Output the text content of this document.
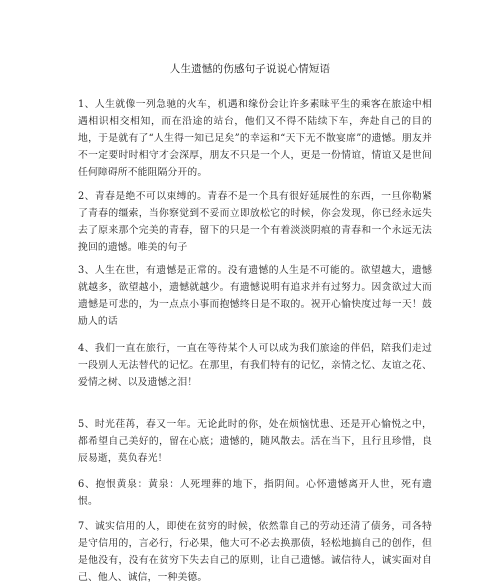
人生遗憾的伤感句子说说心情短语
1、人生就像一列急驰的火车，机遇和缘份会让许多素昧平生的乘客在旅途中相遇相识相交相知，而在沿途的站台，他们又不得不陆续下车，奔赴自己的目的地，于是就有了“人生得一知已足矣”的幸运和“天下无不散宴席”的遗憾。朋友并不一定要时时相守才会深厚，朋友不只是一个人，更是一份情谊，情谊又是世间任何障碍所不能阻隔分开的。
2、青春是绝不可以束缚的。青春不是一个具有很好延展性的东西，一旦你勒紧了青春的缰索，当你察觉到不妥而立即放松它的时候，你会发现，你已经永远失去了原来那个完美的青春，留下的只是一个有着淡淡阴痕的青春和一个永远无法挽回的遗憾。唯美的句子
3、人生在世，有遗憾是正常的。没有遗憾的人生是不可能的。欲望越大，遗憾就越多，欲望越小，遗憾就越少。有遗憾说明有追求并有过努力。因贪欲过大而遗憾是可悲的，为一点点小事而抱憾终日是不取的。祝开心愉快度过每一天！鼓励人的话
4、我们一直在旅行，一直在等待某个人可以成为我们旅途的伴侣，陪我们走过一段别人无法替代的记忆。在那里，有我们特有的记忆，亲情之忆、友谊之花、爱情之树、以及遗憾之泪！
5、时光荏苒，春又一年。无论此时的你，处在烦恼忧患、还是开心愉悦之中，都希望自己美好的，留在心底；遗憾的，随风散去。活在当下，且行且珍惜，良辰易逝，莫负春光！
6、抱恨黄泉：黄泉：人死埋葬的地下，指阴间。心怀遗憾离开人世，死有遗恨。
7、诚实信用的人，即使在贫穷的时候，依然靠自己的劳动还清了债务，司各特是守信用的，言必行，行必果，他大可不必去换那债，轻松地搞自己的创作，但是他没有，没有在贫穷下失去自己的原则，让自己遗憾。诚信待人，诚实面对自己、他人、诚信，一种美德。
